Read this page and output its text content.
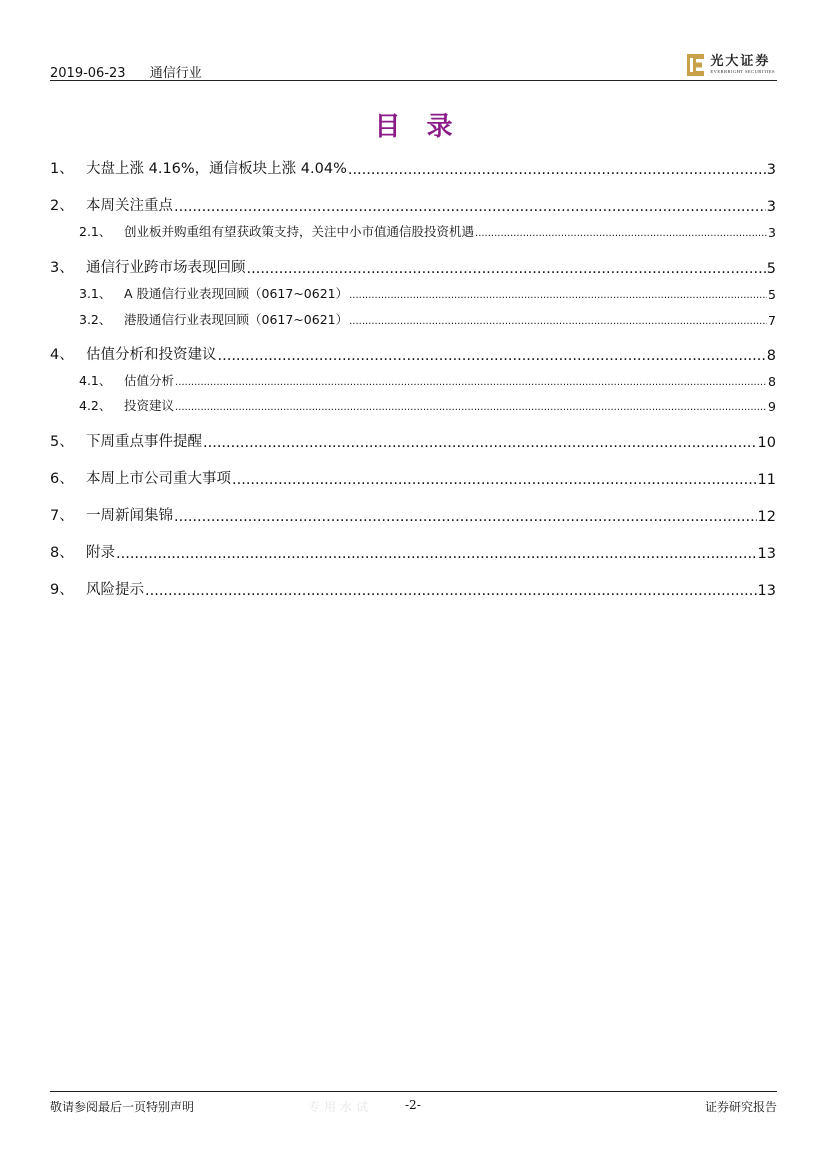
2019-06-23 通信行业
光大证券
EVERBRIGHT SECURITIES
目录
1、 大盘上涨 4.16%，通信板块上涨 4.04% .....	3
2、 本周关注重点 .....	3
2.1、	创业板并购重组有望获政策支持，关注中小市值通信股投资机遇 .....	3
3、 通信行业跨市场表现回顾 .....	5
3.1、	A 股通信行业表现回顾（0617~0621） .....	5
3.2、	港股通信行业表现回顾（0617~0621） .....	7
4、 估值分析和投资建议 .....	8
4.1、	估值分析 .....	8
4.2、	投资建议 .....	9
5、 下周重点事件提醒 .....	10
6、 本周上市公司重大事项 .....	11
7、 一周新闻集锦 .....	12
8、 附录 .....	13
9、 风险提示 .....	13
敬请参阅最后一页特别声明	专用水试	-2-	证券研究报告
